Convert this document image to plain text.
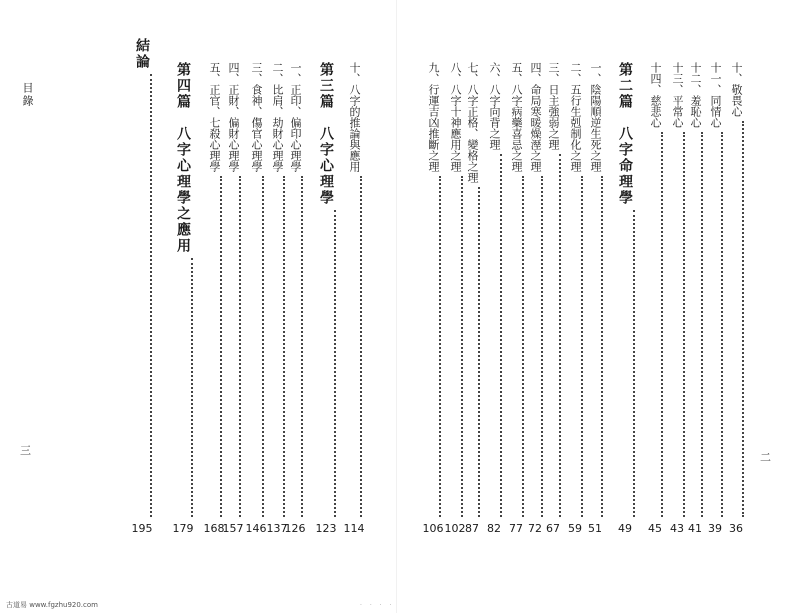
目錄
三
二
結論
195
第四篇　八字心理學之應用
179
五、正官、七殺心理學
168
四、正財、偏財心理學
157
三、食神、傷官心理學
146
二、比肩、劫財心理學
137
一、正印、偏印心理學
126
第三篇　八字心理學
123
十、八字的推論與應用
114
九、行運吉凶推斷之理
106
八、八字十神應用之理
102
七、八字正格、變格之理
87
六、八字向背之理
82
五、八字病藥喜忌之理
77
四、命局寒暖燥溼之理
72
三、日主強弱之理
67
二、五行生剋制化之理
59
一、陰陽順逆生死之理
51
第二篇　八字命理學
49
十四、慈悲心
45
十三、平常心
43
十二、羞恥心
41
十一、同情心
39
十、敬畏心
36
古道易 www.fgzhu920.com	· · · ·
